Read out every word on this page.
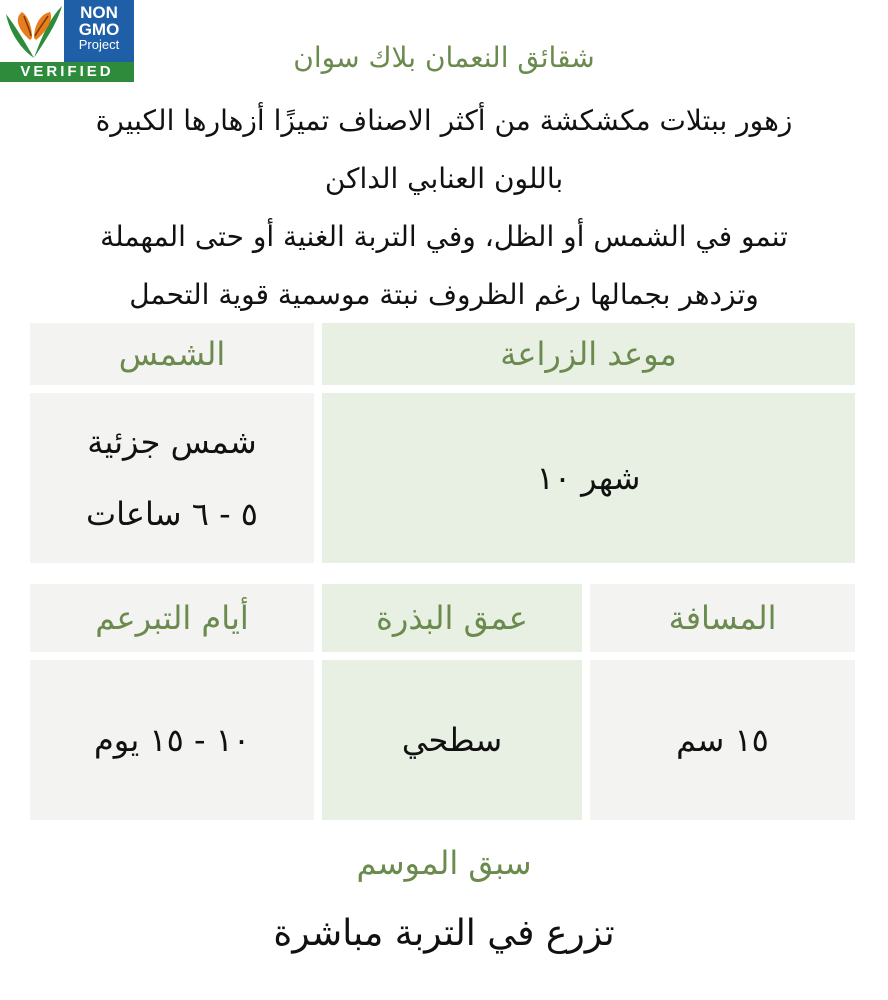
NON
GMO
Project
VERIFIED	شقائق النعمان بلاك سوان
زهور ببتلات مكشكشة من أكثر الاصناف تميزًا أزهارها الكبيرة
باللون العنابي الداكن
تنمو في الشمس أو الظل، وفي التربة الغنية أو حتى المهملة
وتزدهر بجمالها رغم الظروف نبتة موسمية قوية التحمل
موعد الزراعة
الشمس
شهر ١٠
شمس جزئية
٥ - ٦ ساعات
المسافة
عمق البذرة
أيام التبرعم
١٥ سم
سطحي
١٠ - ١٥ يوم
سبق الموسم
تزرع في التربة مباشرة
